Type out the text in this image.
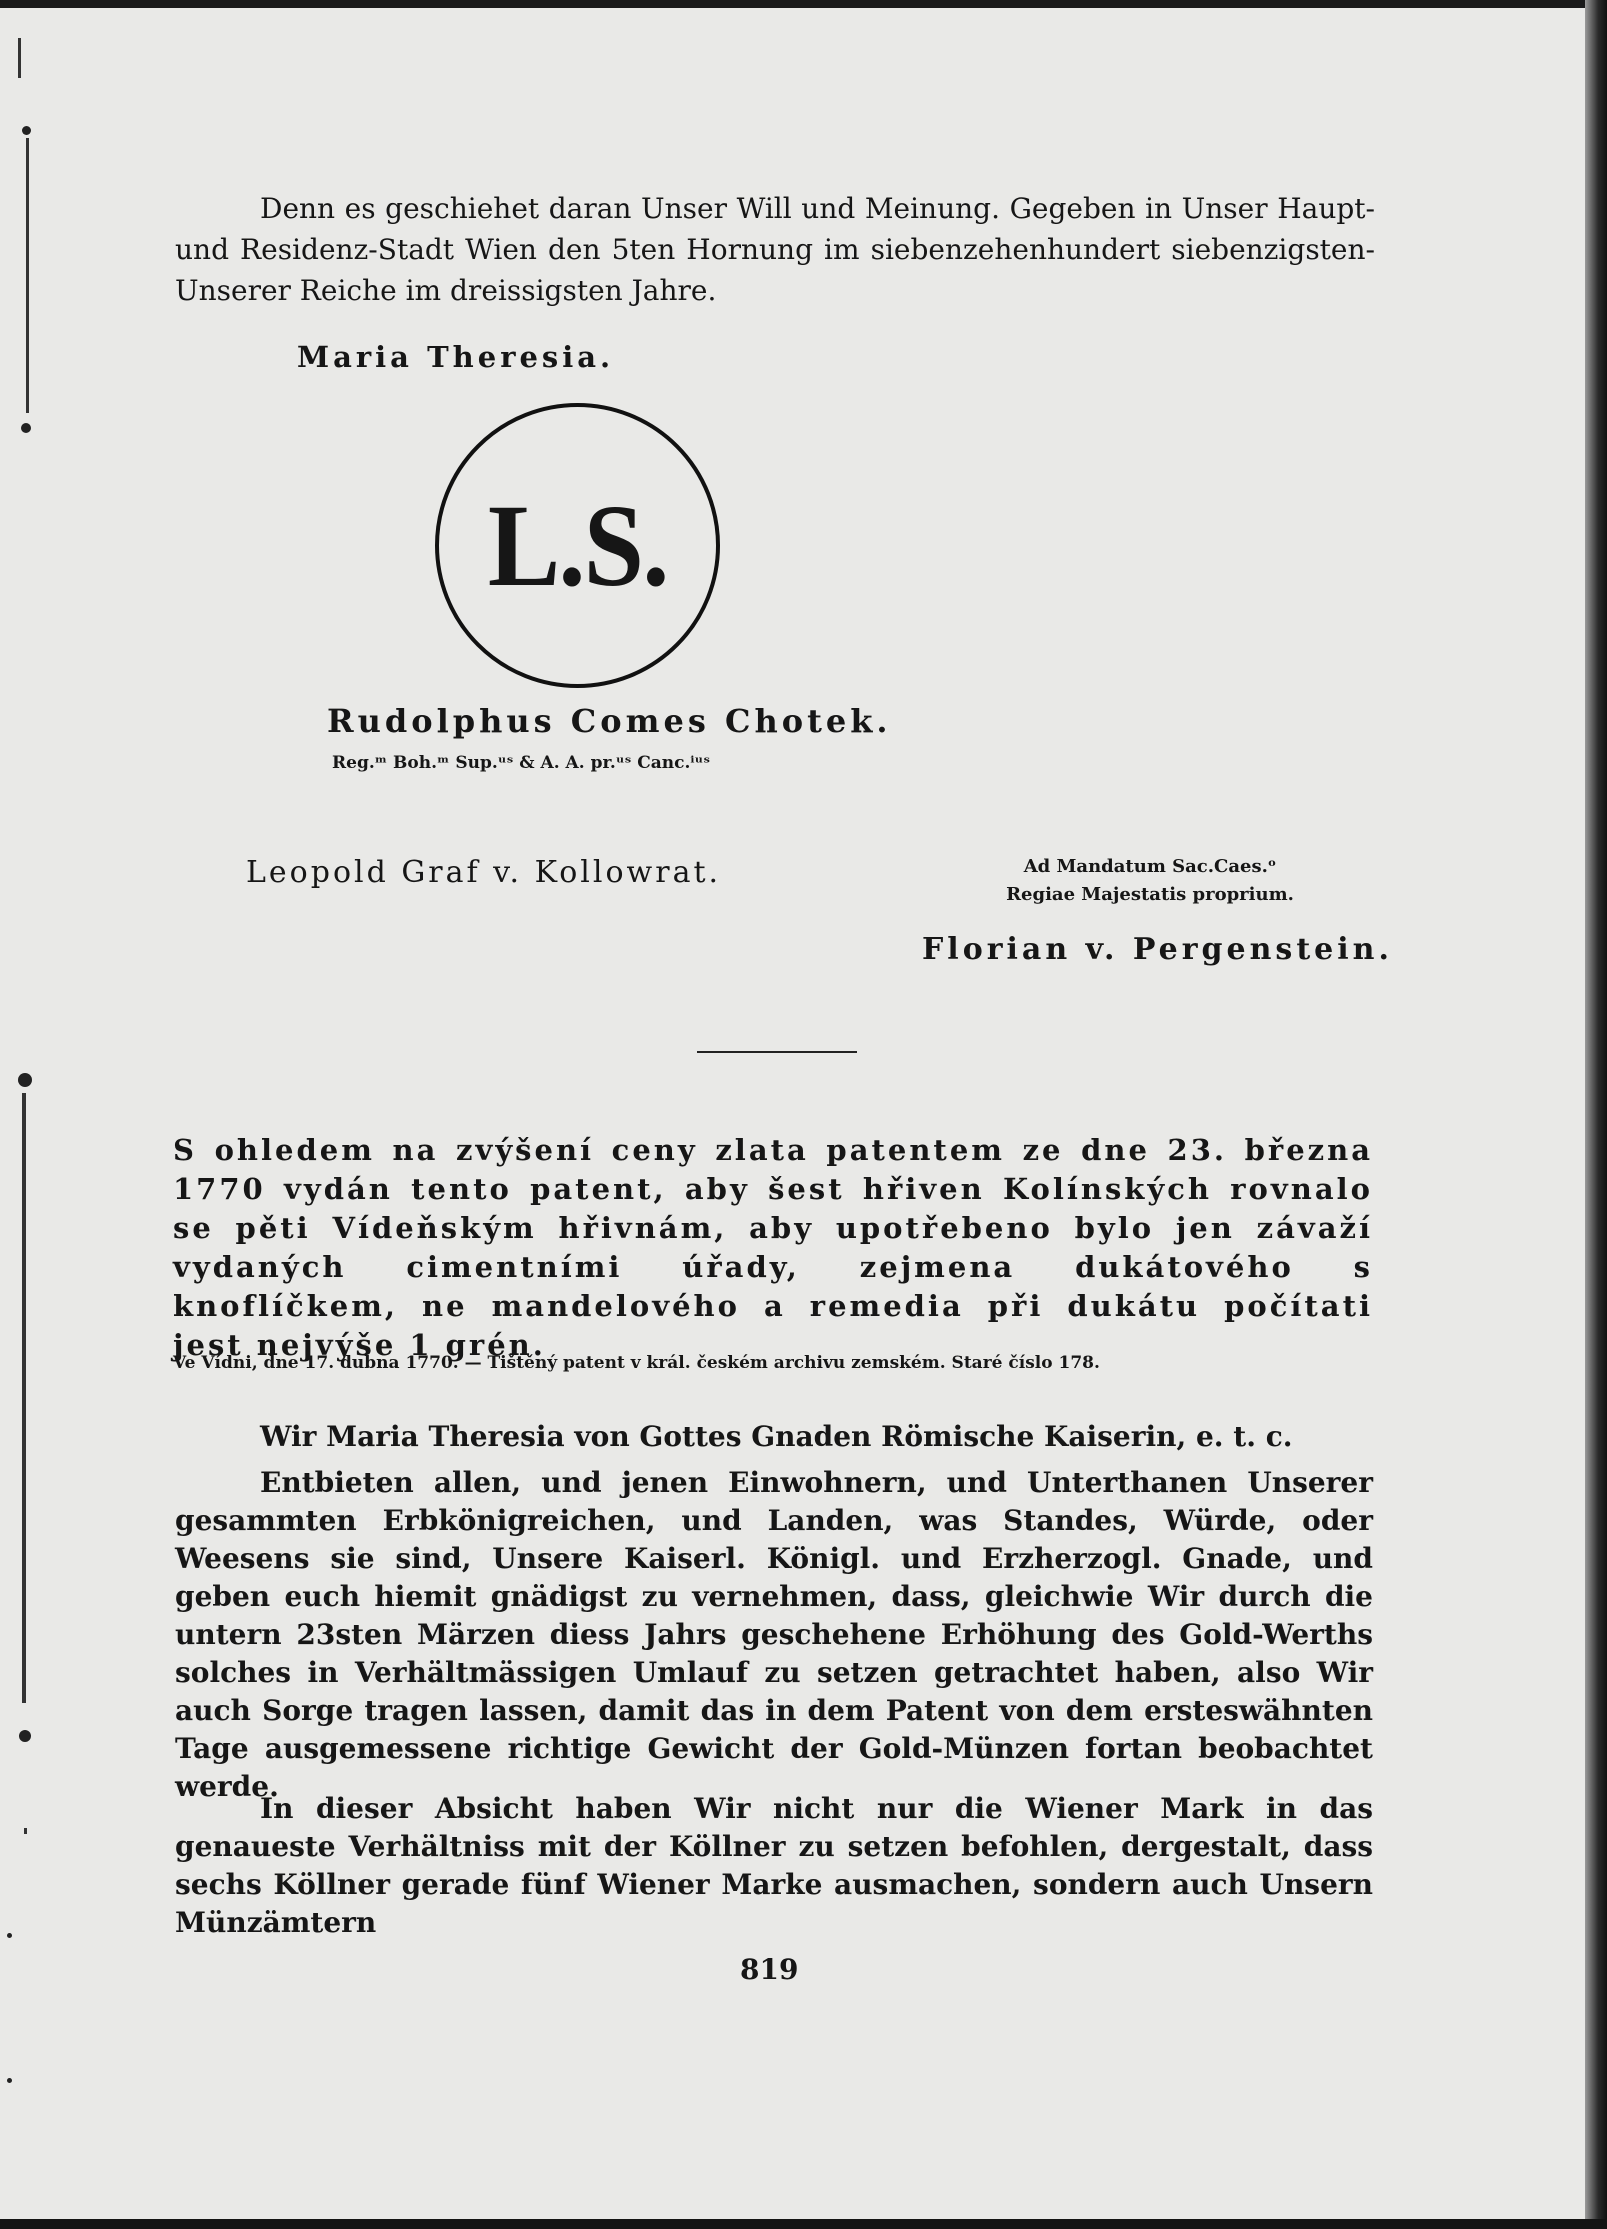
Denn es geschiehet daran Unser Will und Meinung. Gegeben in Unser Haupt- und Residenz-Stadt Wien den 5ten Hornung im siebenzehenhundert siebenzigsten- Unserer Reiche im dreissigsten Jahre.
Maria Theresia.
L.S.
Rudolphus Comes Chotek.
Reg.ᵐ Boh.ᵐ Sup.ᵘˢ & A. A. pr.ᵘˢ Canc.ⁱᵘˢ
Leopold Graf v. Kollowrat.	Ad Mandatum Sac.Caes.ᵒ
Regiae Majestatis proprium.
Florian v. Pergenstein.
S ohledem na zvýšení ceny zlata patentem ze dne 23. března 1770 vydán tento patent, aby šest hřiven Kolínských rovnalo se pěti Vídeňským hřivnám, aby upotřebeno bylo jen závaží vydaných cimentními úřady, zejmena dukátového s knoflíčkem, ne mandelového a remedia při dukátu počítati jest nejvýše 1 grén.
Ve Vídni, dne 17. dubna 1770. — Tištěný patent v král. českém archivu zemském. Staré číslo 178.
Wir Maria Theresia von Gottes Gnaden Römische Kaiserin, e. t. c.
Entbieten allen, und jenen Einwohnern, und Unterthanen Unserer gesammten Erbkönigreichen, und Landen, was Standes, Würde, oder Weesens sie sind, Unsere Kaiserl. Königl. und Erzherzogl. Gnade, und geben euch hiemit gnädigst zu vernehmen, dass, gleichwie Wir durch die untern 23sten Märzen diess Jahrs geschehene Erhöhung des Gold-Werths solches in Verhältmässigen Umlauf zu setzen getrachtet haben, also Wir auch Sorge tragen lassen, damit das in dem Patent von dem ersteswähnten Tage ausgemessene richtige Gewicht der Gold-Münzen fortan beobachtet werde.
In dieser Absicht haben Wir nicht nur die Wiener Mark in das genaueste Verhältniss mit der Köllner zu setzen befohlen, dergestalt, dass sechs Köllner gerade fünf Wiener Marke ausmachen, sondern auch Unsern Münzämtern
819
